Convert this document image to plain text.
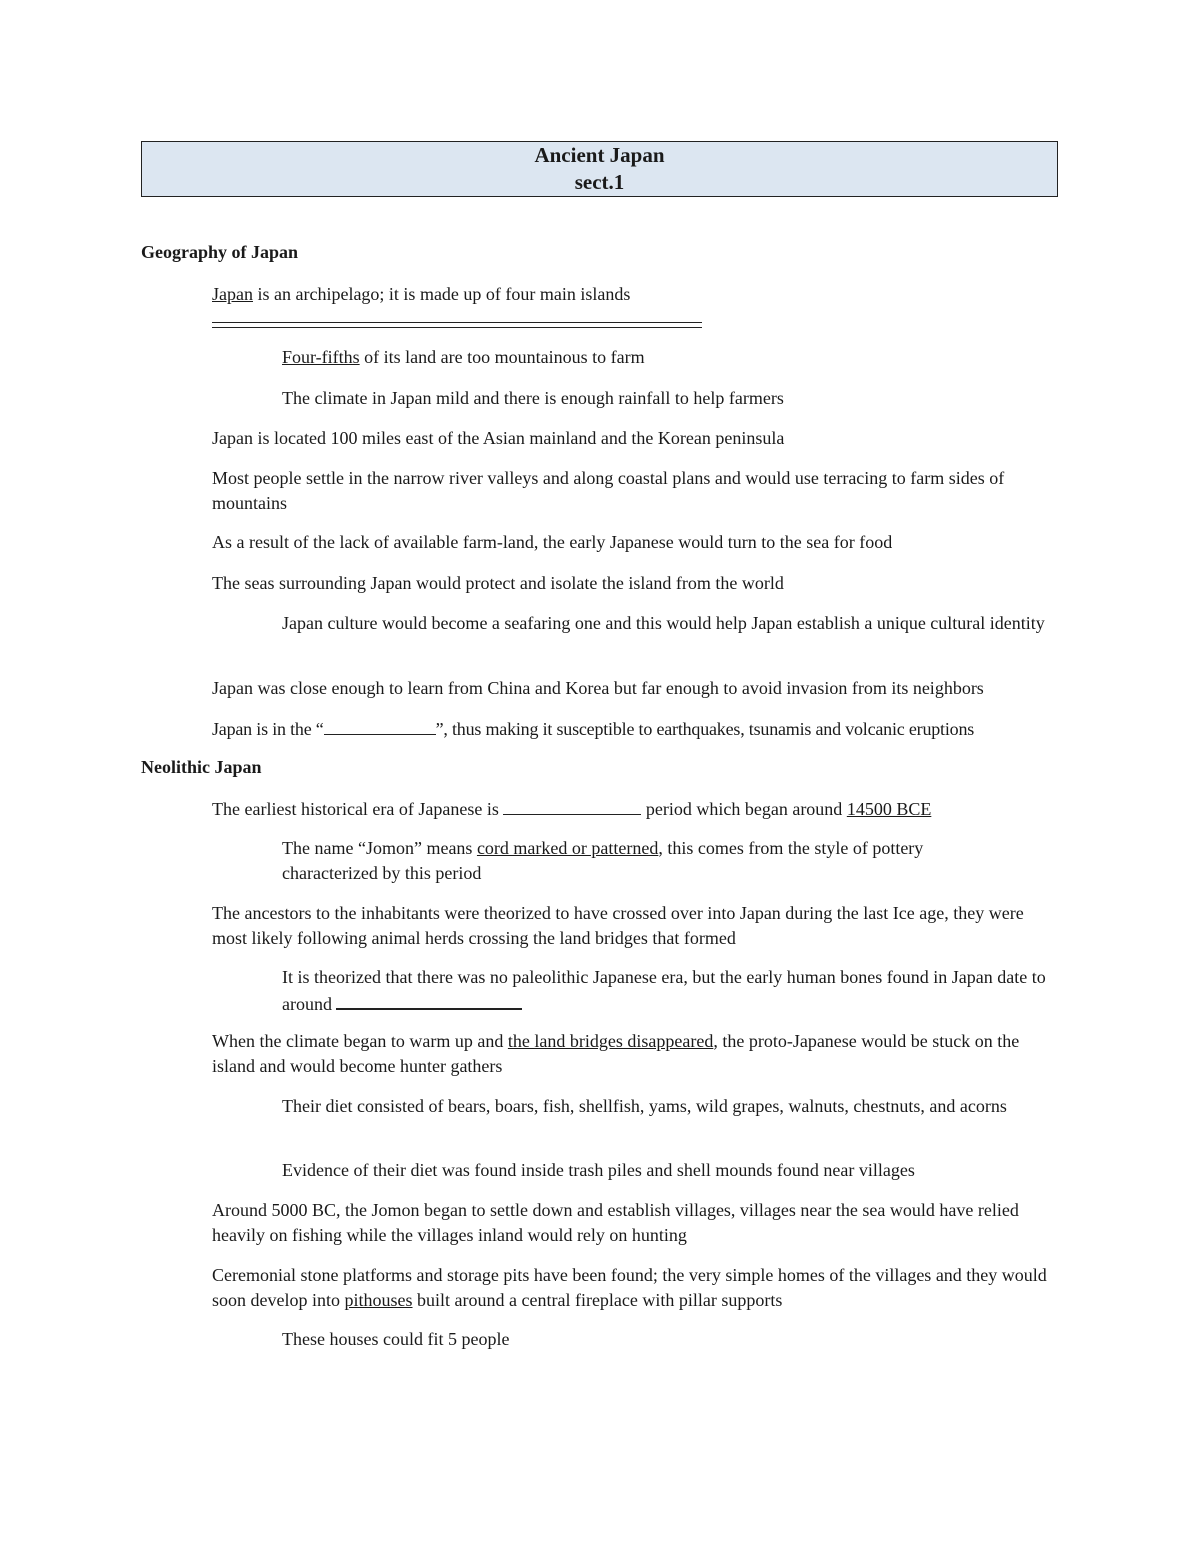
Ancient Japan
sect.1
Geography of Japan
Japan is an archipelago; it is made up of four main islands
Four-fifths of its land are too mountainous to farm
The climate in Japan mild and there is enough rainfall to help farmers
Japan is located 100 miles east of the Asian mainland and the Korean peninsula
Most people settle in the narrow river valleys and along coastal plans and would use terracing to farm sides of mountains
As a result of the lack of available farm-land, the early Japanese would turn to the sea for food
The seas surrounding Japan would protect and isolate the island from the world
Japan culture would become a seafaring one and this would help Japan establish a unique cultural identity
Japan was close enough to learn from China and Korea but far enough to avoid invasion from its neighbors
Japan is in the “	”, thus making it susceptible to earthquakes, tsunamis and volcanic eruptions
Neolithic Japan
The earliest historical era of Japanese is	period which began around 14500 BCE
The name “Jomon” means cord marked or patterned, this comes from the style of pottery characterized by this period
The ancestors to the inhabitants were theorized to have crossed over into Japan during the last Ice age, they were most likely following animal herds crossing the land bridges that formed
It is theorized that there was no paleolithic Japanese era, but the early human bones found in Japan date to around
When the climate began to warm up and the land bridges disappeared, the proto-Japanese would be stuck on the island and would become hunter gathers
Their diet consisted of bears, boars, fish, shellfish, yams, wild grapes, walnuts, chestnuts, and acorns
Evidence of their diet was found inside trash piles and shell mounds found near villages
Around 5000 BC, the Jomon began to settle down and establish villages, villages near the sea would have relied heavily on fishing while the villages inland would rely on hunting
Ceremonial stone platforms and storage pits have been found; the very simple homes of the villages and they would soon develop into pithouses built around a central fireplace with pillar supports
These houses could fit 5 people
